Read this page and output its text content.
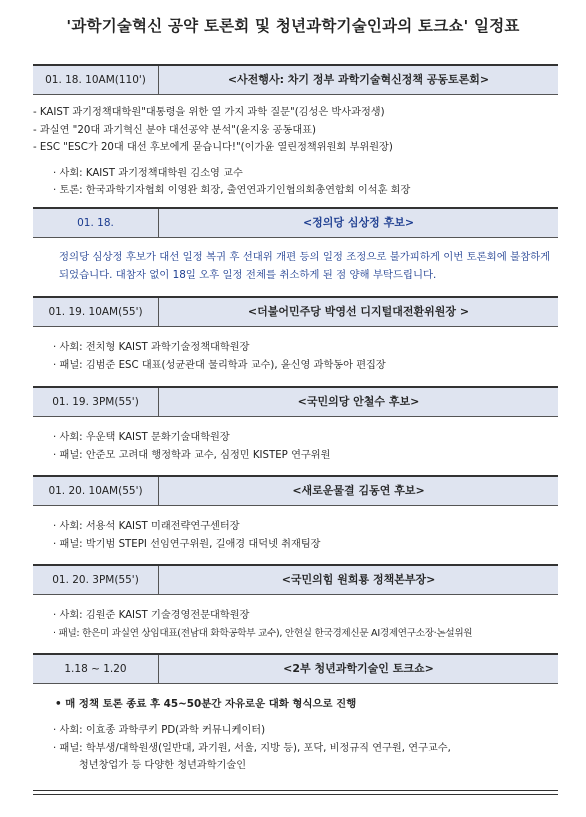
'과학기술혁신 공약 토론회 및 청년과학기술인과의 토크쇼' 일정표
01. 18. 10AM(110')	<사전행사: 차기 정부 과학기술혁신정책 공동토론회>
- KAIST 과기정책대학원"대통령을 위한 열 가지 과학 질문"(김성은 박사과정생)
- 과실연 "20대 과기혁신 분야 대선공약 분석"(윤지웅 공동대표)
- ESC "ESC가 20대 대선 후보에게 묻습니다!"(이가윤 열린정책위원회 부위원장)
· 사회: KAIST 과기정책대학원 김소영 교수
· 토론: 한국과학기자협회 이영완 회장, 출연연과기인협의회총연합회 이석훈 회장
01. 18.	<정의당 심상정 후보>
정의당 심상정 후보가 대선 일정 복귀 후 선대위 개편 등의 일정 조정으로 불가피하게 이번 토론회에 불참하게 되었습니다. 대참자 없이 18일 오후 일정 전체를 취소하게 된 점 양해 부탁드립니다.
01. 19. 10AM(55')	<더불어민주당 박영선 디지털대전환위원장 >
· 사회: 전치형 KAIST 과학기술정책대학원장
· 패널: 김범준 ESC 대표(성균관대 물리학과 교수), 윤신영 과학동아 편집장
01. 19. 3PM(55')	<국민의당 안철수 후보>
· 사회: 우운택 KAIST 문화기술대학원장
· 패널: 안준모 고려대 행정학과 교수, 심정민 KISTEP 연구위원
01. 20. 10AM(55')	<새로운물결 김동연 후보>
· 사회: 서용석 KAIST 미래전략연구센터장
· 패널: 박기범 STEPI 선임연구위원, 길애경 대덕넷 취재팀장
01. 20. 3PM(55')	<국민의힘 원희룡 정책본부장>
· 사회: 김원준 KAIST 기술경영전문대학원장
· 패널: 한은미 과실연 상임대표(전남대 화학공학부 교수), 안현실 한국경제신문 AI경제연구소장·논설위원
1.18 ~ 1.20	<2부 청년과학기술인 토크쇼>
• 매 정책 토론 종료 후 45~50분간 자유로운 대화 형식으로 진행
· 사회: 이효종 과학쿠키 PD(과학 커뮤니케이터)
· 패널: 학부생/대학원생(일반대, 과기원, 서울, 지방 등), 포닥, 비정규직 연구원, 연구교수,
청년창업가 등 다양한 청년과학기술인
